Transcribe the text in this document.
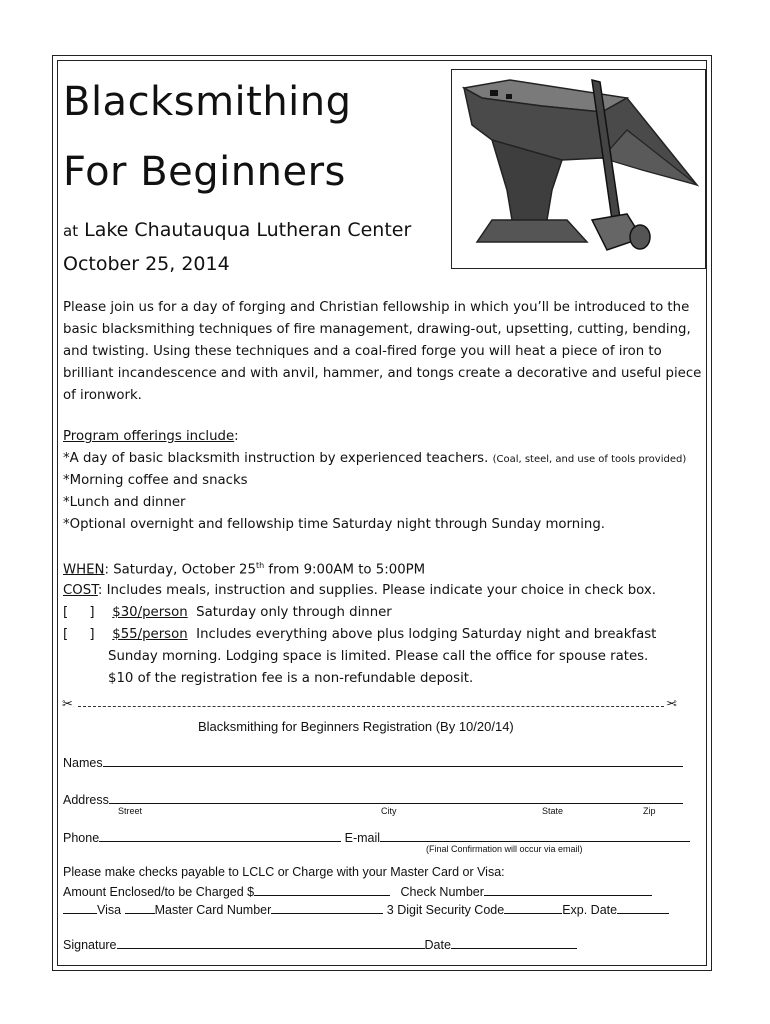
Blacksmithing
For Beginners
at Lake Chautauqua Lutheran Center
October 25, 2014
Please join us for a day of forging and Christian fellowship in which you’ll be introduced to the basic blacksmithing techniques of fire management, drawing-out, upsetting, cutting, bending, and twisting. Using these techniques and a coal-fired forge you will heat a piece of iron to brilliant incandescence and with anvil, hammer, and tongs create a decorative and useful piece of ironwork.
Program offerings include:
*A day of basic blacksmith instruction by experienced teachers. (Coal, steel, and use of tools provided)
*Morning coffee and snacks
*Lunch and dinner
*Optional overnight and fellowship time Saturday night through Sunday morning.
WHEN: Saturday, October 25th from 9:00AM to 5:00PM
COST: Includes meals, instruction and supplies. Please indicate your choice in check box.
[     ] $30/person Saturday only through dinner
[     ] $55/person Includes everything above plus lodging Saturday night and breakfast
Sunday morning. Lodging space is limited. Please call the office for spouse rates.
$10 of the registration fee is a non-refundable deposit.
✂	✂
Blacksmithing for Beginners Registration (By 10/20/14)
Names
Address
Street	City	State	Zip
Phone	E-mail
(Final Confirmation will occur via email)
Please make checks payable to LCLC or Charge with your Master Card or Visa:
Amount Enclosed/to be Charged $	Check Number
Visa	Master Card Number	3 Digit Security Code	Exp. Date
Signature	Date
